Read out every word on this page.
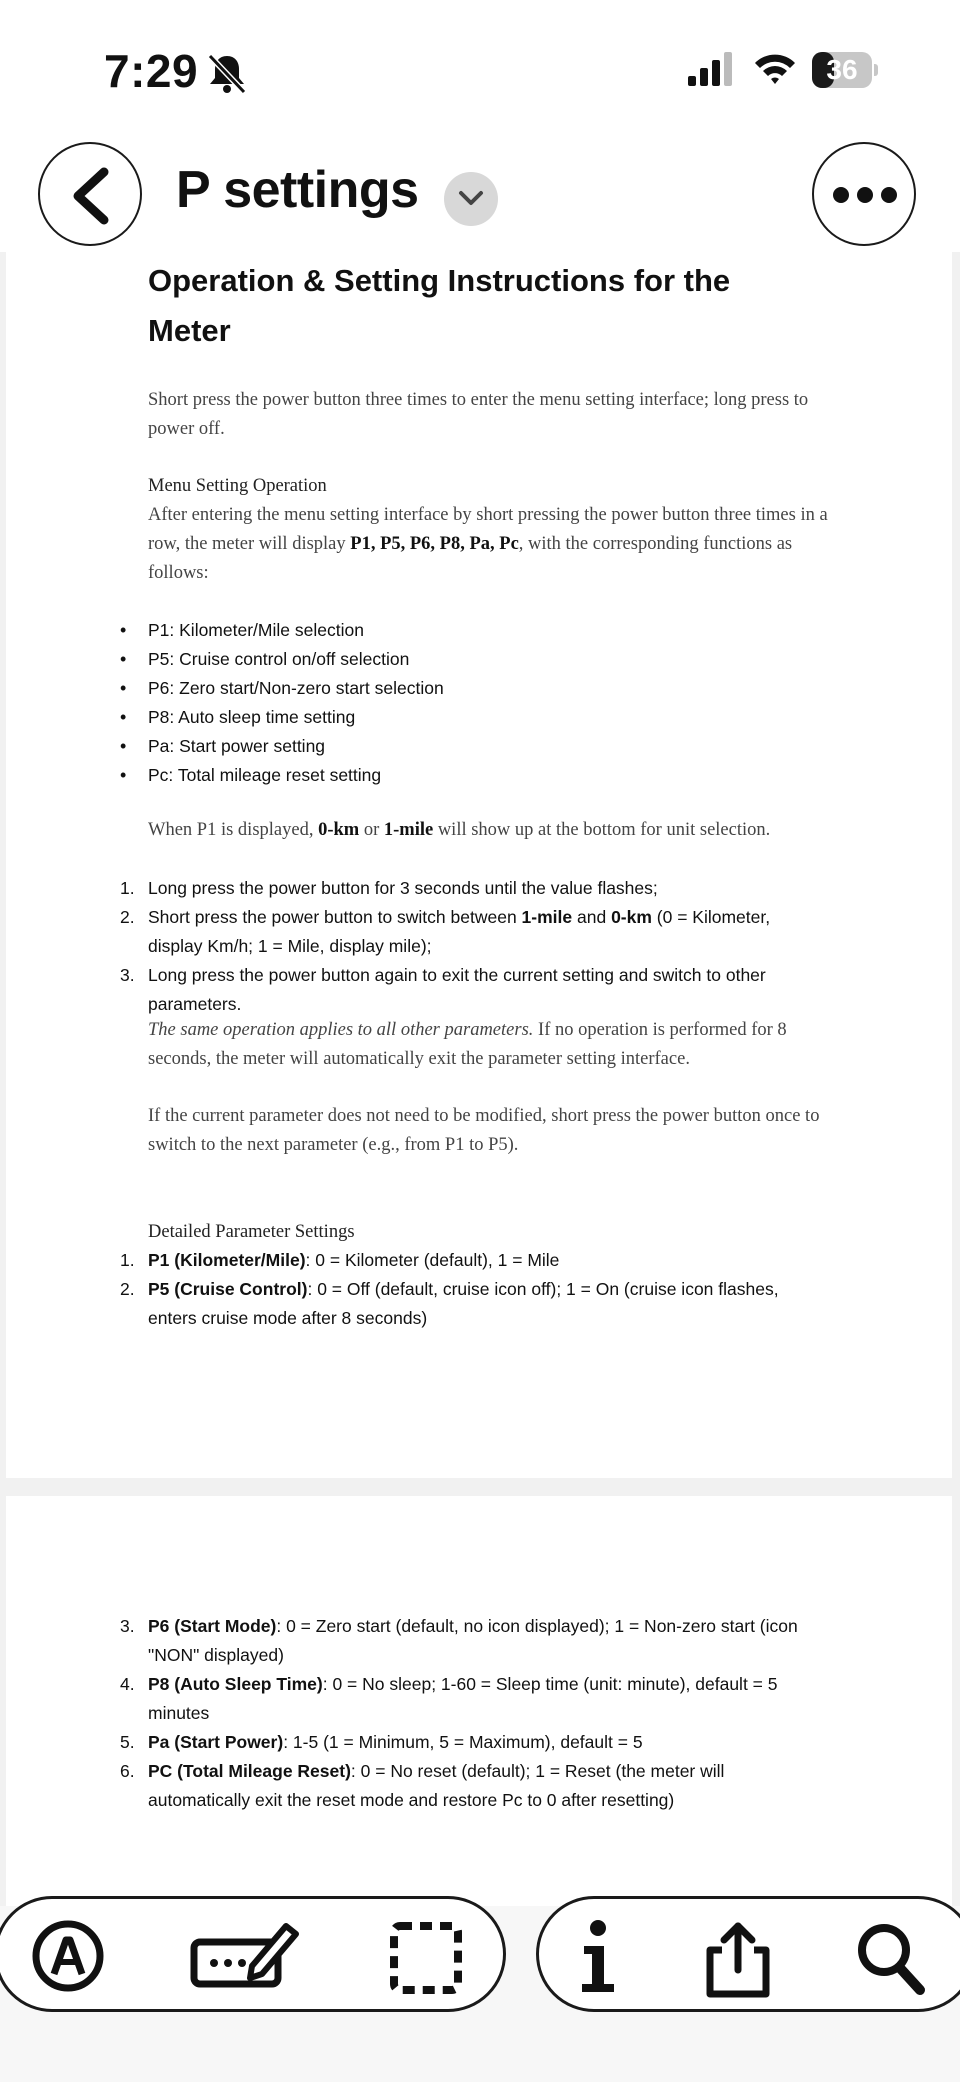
7:29	36
P settings
Operation & Setting Instructions for the Meter
Short press the power button three times to enter the menu setting interface; long press to power off.
Menu Setting Operation
After entering the menu setting interface by short pressing the power button three times in a row, the meter will display P1, P5, P6, P8, Pa, Pc, with the corresponding functions as follows:
• P1: Kilometer/Mile selection
• P5: Cruise control on/off selection
• P6: Zero start/Non-zero start selection
• P8: Auto sleep time setting
• Pa: Start power setting
• Pc: Total mileage reset setting
When P1 is displayed, 0-km or 1-mile will show up at the bottom for unit selection.
1. Long press the power button for 3 seconds until the value flashes;
2. Short press the power button to switch between 1-mile and 0-km (0 = Kilometer, display Km/h; 1 = Mile, display mile);
3. Long press the power button again to exit the current setting and switch to other parameters.
The same operation applies to all other parameters. If no operation is performed for 8 seconds, the meter will automatically exit the parameter setting interface.
If the current parameter does not need to be modified, short press the power button once to switch to the next parameter (e.g., from P1 to P5).
Detailed Parameter Settings
1. P1 (Kilometer/Mile): 0 = Kilometer (default), 1 = Mile
2. P5 (Cruise Control): 0 = Off (default, cruise icon off); 1 = On (cruise icon flashes, enters cruise mode after 8 seconds)
3. P6 (Start Mode): 0 = Zero start (default, no icon displayed); 1 = Non-zero start (icon "NON" displayed)
4. P8 (Auto Sleep Time): 0 = No sleep; 1-60 = Sleep time (unit: minute), default = 5 minutes
5. Pa (Start Power): 1-5 (1 = Minimum, 5 = Maximum), default = 5
6. PC (Total Mileage Reset): 0 = No reset (default); 1 = Reset (the meter will automatically exit the reset mode and restore Pc to 0 after resetting)
